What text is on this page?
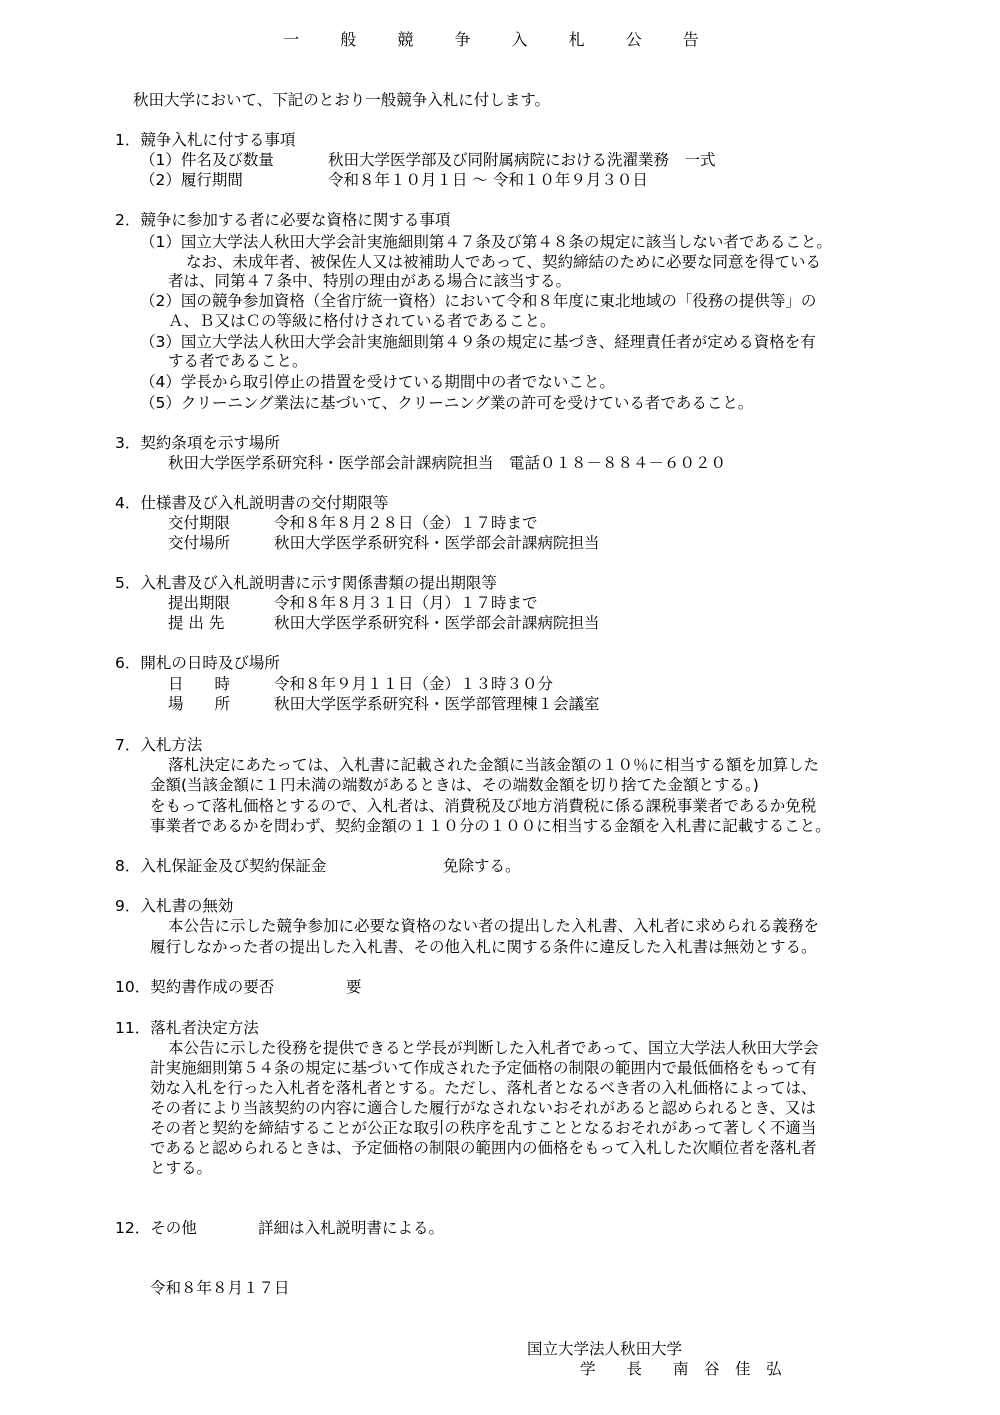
一 般 競 争 入 札 公 告
秋田大学において、下記のとおり一般競争入札に付します。
1．競争入札に付する事項
（1）件名及び数量	秋田大学医学部及び同附属病院における洗濯業務　一式
（2）履行期間	令和８年１０月１日 ～ 令和１０年９月３０日
2．競争に参加する者に必要な資格に関する事項
（1）国立大学法人秋田大学会計実施細則第４７条及び第４８条の規定に該当しない者であること。
なお、未成年者、被保佐人又は被補助人であって、契約締結のために必要な同意を得ている
者は、同第４７条中、特別の理由がある場合に該当する。
（2）国の競争参加資格（全省庁統一資格）において令和８年度に東北地域の「役務の提供等」の
Ａ、Ｂ又はＣの等級に格付けされている者であること。
（3）国立大学法人秋田大学会計実施細則第４９条の規定に基づき、経理責任者が定める資格を有
する者であること。
（4）学長から取引停止の措置を受けている期間中の者でないこと。
（5）クリーニング業法に基づいて、クリーニング業の許可を受けている者であること。
3．契約条項を示す場所
秋田大学医学系研究科・医学部会計課病院担当　電話０１８－８８４－６０２０
4．仕様書及び入札説明書の交付期限等
交付期限	令和８年８月２８日（金）１７時まで
交付場所	秋田大学医学系研究科・医学部会計課病院担当
5．入札書及び入札説明書に示す関係書類の提出期限等
提出期限	令和８年８月３１日（月）１７時まで
提 出 先	秋田大学医学系研究科・医学部会計課病院担当
6．開札の日時及び場所
日　　時	令和８年９月１１日（金）１３時３０分
場　　所	秋田大学医学系研究科・医学部管理棟１会議室
7．入札方法
落札決定にあたっては、入札書に記載された金額に当該金額の１０％に相当する額を加算した
金額(当該金額に１円未満の端数があるときは、その端数金額を切り捨てた金額とする。)
をもって落札価格とするので、入札者は、消費税及び地方消費税に係る課税事業者であるか免税
事業者であるかを問わず、契約金額の１１０分の１００に相当する金額を入札書に記載すること。
8．入札保証金及び契約保証金	免除する。
9．入札書の無効
本公告に示した競争参加に必要な資格のない者の提出した入札書、入札者に求められる義務を
履行しなかった者の提出した入札書、その他入札に関する条件に違反した入札書は無効とする。
10．契約書作成の要否	要
11．落札者決定方法
本公告に示した役務を提供できると学長が判断した入札者であって、国立大学法人秋田大学会
計実施細則第５４条の規定に基づいて作成された予定価格の制限の範囲内で最低価格をもって有
効な入札を行った入札者を落札者とする。ただし、落札者となるべき者の入札価格によっては、
その者により当該契約の内容に適合した履行がなされないおそれがあると認められるとき、又は
その者と契約を締結することが公正な取引の秩序を乱すこととなるおそれがあって著しく不適当
であると認められるときは、予定価格の制限の範囲内の価格をもって入札した次順位者を落札者
とする。
12．その他	詳細は入札説明書による。
令和８年８月１７日
国立大学法人秋田大学
学　　長　　南　谷　佳　弘
